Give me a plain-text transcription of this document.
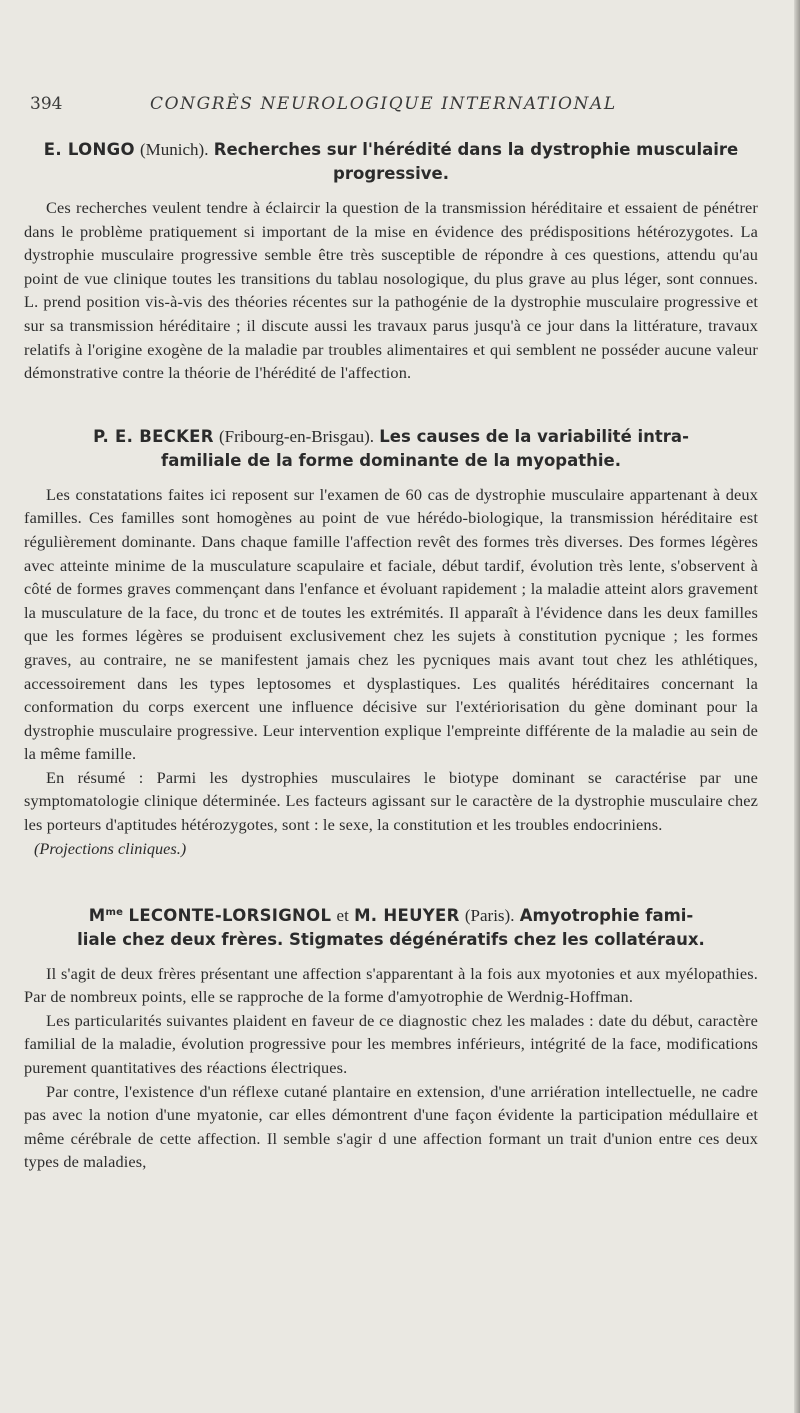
394	CONGRÈS NEUROLOGIQUE INTERNATIONAL
E. LONGO (Munich). Recherches sur l'hérédité dans la dystrophie musculaire
progressive.

Ces recherches veulent tendre à éclaircir la question de la transmission héréditaire et essaient de pénétrer dans le problème pratiquement si important de la mise en évidence des prédispositions hétérozygotes. La dystrophie musculaire progressive semble être très susceptible de répondre à ces questions, attendu qu'au point de vue clinique toutes les transitions du tablau nosologique, du plus grave au plus léger, sont connues. L. prend position vis-à-vis des théories récentes sur la pathogénie de la dystrophie musculaire progressive et sur sa transmission héréditaire ; il discute aussi les travaux parus jusqu'à ce jour dans la littérature, travaux relatifs à l'origine exogène de la maladie par troubles alimentaires et qui semblent ne posséder aucune valeur démonstrative contre la théorie de l'hérédité de l'affection.

P. E. BECKER (Fribourg-en-Brisgau). Les causes de la variabilité intra-
familiale de la forme dominante de la myopathie.

Les constatations faites ici reposent sur l'examen de 60 cas de dystrophie musculaire appartenant à deux familles. Ces familles sont homogènes au point de vue hérédo-biologique, la transmission héréditaire est régulièrement dominante. Dans chaque famille l'affection revêt des formes très diverses. Des formes légères avec atteinte minime de la musculature scapulaire et faciale, début tardif, évolution très lente, s'observent à côté de formes graves commençant dans l'enfance et évoluant rapidement ; la maladie atteint alors gravement la musculature de la face, du tronc et de toutes les extrémités. Il apparaît à l'évidence dans les deux familles que les formes légères se produisent exclusivement chez les sujets à constitution pycnique ; les formes graves, au contraire, ne se manifestent jamais chez les pycniques mais avant tout chez les athlétiques, accessoirement dans les types leptosomes et dysplastiques. Les qualités héréditaires concernant la conformation du corps exercent une influence décisive sur l'extériorisation du gène dominant pour la dystrophie musculaire progressive. Leur intervention explique l'empreinte différente de la maladie au sein de la même famille.

En résumé : Parmi les dystrophies musculaires le biotype dominant se caractérise par une symptomatologie clinique déterminée. Les facteurs agissant sur le caractère de la dystrophie musculaire chez les porteurs d'aptitudes hétérozygotes, sont : le sexe, la constitution et les troubles endocriniens.

(Projections cliniques.)

$M^{me}$ LECONTE-LORSIGNOL et M. HEUYER (Paris). Amyotrophie fami-
liale chez deux frères. Stigmates dégénératifs chez les collatéraux.

Il s'agit de deux frères présentant une affection s'apparentant à la fois aux myotonies et aux myélopathies. Par de nombreux points, elle se rapproche de la forme d'amyotrophie de Werdnig-Hoffman.

Les particularités suivantes plaident en faveur de ce diagnostic chez les malades : date du début, caractère familial de la maladie, évolution progressive pour les membres inférieurs, intégrité de la face, modifications purement quantitatives des réactions électriques.

Par contre, l'existence d'un réflexe cutané plantaire en extension, d'une arriération intellectuelle, ne cadre pas avec la notion d'une myatonie, car elles démontrent d'une façon évidente la participation médullaire et même cérébrale de cette affection. Il semble s'agir d une affection formant un trait d'union entre ces deux types de maladies,
